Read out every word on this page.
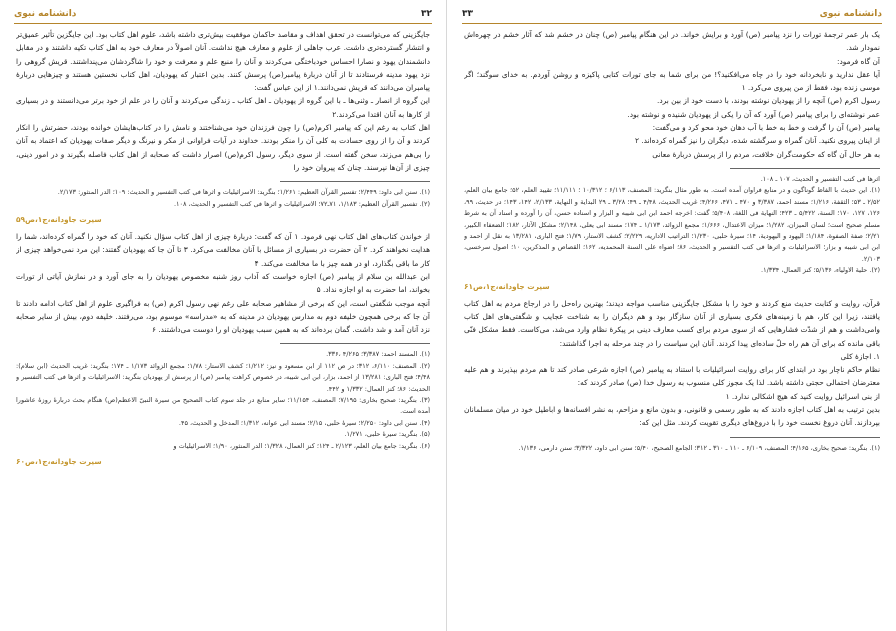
۳۲
دانشنامه نبوی

جایگزینی که می‌توانست در تحقق اهداف و مقاصد حاکمان موفقیت بیش‌تری داشته باشد، علوم اهل کتاب بود. این جایگزین تأثیر عمیق‌تر و انتشار گسترده‌تری داشت. عرب جاهلی از علوم و معارف هیچ نداشت. آنان اصولاً در معارف خود به اهل کتاب تکیه داشتند و در مقابل دانشمندان یهود و نصارا احساس خودباختگی می‌کردند و آنان را منبع علم و معرفت و خود را شاگردشان می‌پنداشتند. قریش گروهی را نزد یهود مدینه فرستادند تا از آنان دربارهٔ پیامبر(ص) پرسش کنند. بدین اعتبار که یهودیان، اهل کتاب نخستین هستند و چیزهایی دربارهٔ پیامبران می‌دانند که قریش نمی‌دانند.۱ از این عباس گفت:

این گروه از انصار ـ وثنی‌ها ـ با این گروه از یهودیان ـ اهل کتاب ـ زندگی می‌کردند و آنان را در علم از خود برتر می‌دانستند و در بسیاری از کارها به آنان اقتدا می‌کردند.۲

اهل کتاب به رغم این که پیامبر اکرم(ص) را چون فرزندان خود می‌شناختند و نامش را در کتاب‌هایشان خوانده بودند، حضرتش را انکار کردند و آن را از روی حسادت به کلی آن را منکر بودند. خداوند در آیات فراوانی از مکر و نیرنگ و دیگر صفات یهودیان که اعتماد به آنان را بی‌هم می‌زند، سخن گفته است. از سوی دیگر، رسول اکرم(ص) اصرار داشت که صحابه از اهل کتاب فاصله بگیرند و در امور دینی، چیزی از آن‌ها نپرسند. چنان که پیروان خود را

(۱). سنن ابی داود: ۲/۴۴۹؛ تفسیر القرآن العظیم: ۱/۲۶۱؛ بنگرید: الاسرائیلیات و اثرها فی کتب التفسیر و الحدیث: ۱۰۹؛ الدر المنثور: ۲/۱۷۳.

(۲). تفسیر القرآن العظیم: ۱/۱۸۳، ۷۱ـ۷۲؛ الاسرائیلیات و اثرها فی کتب التفسیر و الحدیث، ۱۰۸.

سیرت جاودانه،ج۱،ص۵۹

از خواندن کتاب‌های اهل کتاب نهی فرمود. ۱ آن که گفت: دربارهٔ چیزی از اهل کتاب سؤال نکنید. آنان که خود را گمراه کرده‌اند، شما را هدایت نخواهند کرد. ۲ آن حضرت در بسیاری از مسائل با آنان مخالفت می‌کرد. ۳ تا آن جا که یهودیان گفتند: این مرد نمی‌خواهد چیزی از کار ما باقی بگذارد، او در همه چیز با ما مخالفت می‌کند. ۴

ابن عبدالله بن سلام از پیامبر (ص) اجازه خواست که آداب روز شنبه مخصوص یهودیان را به جای آورد و در نمازش آیاتی از تورات بخواند، اما حضرت به او اجازه نداد. ۵

آنچه موجب شگفتی است، این که برخی از مشاهیر صحابه علی رغم نهی رسول اکرم (ص) به فراگیری علوم از اهل کتاب ادامه دادند تا آن جا که برخی همچون خلیفه دوم به مدارس یهودیان در مدینه که به «مدراسه» موسوم بود، می‌رفتند. خلیفه دوم، بیش از سایر صحابه نزد آنان آمد و شد داشت. گمان برده‌اند که به همین سبب یهودیان او را دوست می‌داشتند. ۶

(۱). المسند احمد: ۳/۳۸۷؛ ۴/۲۶۵ ،۳۳۶.

(۲). المصنف: ۶/۱۱۰، ۳۱۲؛ در ص ۱۱۲ از ابن مسعود و نیز: ۱/۲۱۲؛ کشف الاستار: ۱/۷۸؛ مجمع الزوائد ۱/۱۷۳ ـ ۱۷۴؛ بنگرید: غریب الحدیث (ابن سلام): ۴/۴۸؛ فتح الباری: ۱۳/۲۸۱ از احمد، بزار، ابن ابی شیبه، در خصوص کراهت پیامبر (ص) از پرسش از یهودیان بنگرید: الاسرائیلیات و اثرها فی کتب التفسیر و الحدیث: ۸۶؛ کنز العمال: ۱/۳۳۲ و ۴۴۲.

(۳). بنگرید: صحیح بخاری: ۷/۱۹۵؛ المصنف، ۱۱/۱۵۴؛ سایر منابع در جلد سوم کتاب الصحیح من سیرة النبیّ الاعظم(ص) هنگام بحث دربارهٔ روزهٔ عاشورا آمده است.

(۴). سنن ابی داود: ۲/۲۵۰؛ سیرهٔ حلبی، ۲/۱۵؛ مسند ابی عوانه، ۱/۳۱۲؛ المدخل و الحدیث، ۴۵.

(۵). بنگرید: سیرهٔ حلبی، ۱/۲۷۱.

(۶). بنگرید: جامع بیان العلم، ۲/۱۲۳ ـ ۱۲۴؛ کنز العمال، ۱/۳۲۸؛ الدر المنثور، ۱/۹۰؛ الاسرائیلیات و

سیرت جاودانه،ج۱،ص۶۰
۳۳	دانشنامه نبوی

یک بار عمر ترجمهٔ تورات را نزد پیامبر (ص) آورد و برایش خواند. در این هنگام پیامبر (ص) چنان در خشم شد که آثار خشم در چهره‌اش نمودار شد.

آن گاه فرمود:

آیا عقل ندارید و نابخردانه خود را در چاه می‌افکنید؟! من برای شما به جای تورات کتابی پاکیزه و روشن آوردم. به خدای سوگند؛ اگر موسی زنده بود، فقط از من پیروی می‌کرد. ۱

رسول اکرم (ص) آنچه را از یهودیان نوشته بودند، با دست خود از بین برد.

عمر نوشته‌ای را برای پیامبر (ص) آورد که آن را یکی از یهودیان شنیده و نوشته بود.

پیامبر (ص) آن را گرفت و خط به خط با آب دهان خود محو کرد و می‌گفت:

از اینان پیروی نکنید. آنان گمراه و سرگشته شده، دیگران را نیز گمراه کرده‌اند. ۲

به هر حال آن گاه که حکومت‌گران خلافت، مردم را از پرسش دربارهٔ معانی

اثرها فی کتب التفسیر و الحدیث، ۱۰۷ ـ ۱۰۸.

(۱). این حدیث با الفاظ گوناگون و در منابع فراوان آمده است. به طور مثال بنگرید: المصنف، ۶/۱۱۳ ؛ ۱۰/۳۱۲ ؛ ۱۱/۱۱۱؛ تقیید العلم، ۵۲؛ جامع بیان العلم، ۲/۵۲ ـ ۵۳؛ الثقفة، ۱/۲۱۶؛ مسند احمد، ۳/۳۸۷ و ۴۷۰ ـ ۴۷۱، ۴/۲۶۶؛ غریب الحدیث، ۴/۴۸ ـ ۴۹؛ ۳/۲۸ ـ ۲۹ البدایة و النهایة، ۲/۱۳۳، ۱۴۲، ۱۴۳؛ در حدیث، ۹۹، ۱۲۶، ۱۲۷، ۱۷۰؛ السنة، ۵/۴۲۲ ـ ۴۲۳؛ النهایة فی اللغة، ۵/۴۰۸؛ گفت: اخرجه احمد ابن ابی شیبه و البزار و اسناده حسن، آن را آورده و اسناد آن به شرط مسلم صحیح است؛ لسان المیزان، ۱/۲۸۲؛ میزان الاعتدال، ۱/۶۶۶؛ مجمع الزوائد، ۱/۱۷۳ ـ ۱۷۴؛ مسند ابی یعلی، ۲/۱۴۸؛ مشکل الآثار، ۱۸۲؛ الضعفاء الکبیر، ۲/۲۱؛ صفة الصفوة، ۱/۱۸۴؛ الیهود و الیهودیة، ۱۴؛ سیرهٔ حلبی، ۱/۲۳۰؛ التراتیب الاداریه، ۲/۲۲۹؛ کشف الاستار، ۱/۷۹؛ فتح الباری، ۱۳/۲۸۱ به نقل از احمد و ابن ابی شیبه و بزار؛ الاسرائیلیات و اثرها فی کتب التفسیر و الحدیث، ۸۶؛ اضواء علی السنة المحمدیه، ۱۶۲؛ القصاص و المذکرین، ۱۰؛ اصول سرخسی، ۲/۱۰۳.

(۲). حلیة الاولیاء، ۵/۱۳۶؛ کنز العمال، ۱/۳۳۴.

سیرت جاودانه،ج۱،ص۶۱

قرآن، روایت و کتابت حدیث منع کردند و خود را با مشکل جایگزینی مناسب مواجه دیدند؛ بهترین راه‌حل را در ارجاع مردم به اهل کتاب یافتند، زیرا این کار، هم با زمینه‌های فکری بسیاری از آنان سازگار بود و هم دیگران را به شناخت عجایب و شگفتی‌های اهل کتاب وامی‌داشت و هم از شدّت فشارهایی که از سوی مردم برای کسب معارف دینی بر پیکرهٔ نظام وارد می‌شد، می‌کاست. فقط مشکل فنّی باقی مانده که برای آن هم راه حلّ ساده‌ای پیدا کردند. آنان این سیاست را در چند مرحله به اجرا گذاشتند:

۱. اجازهٔ کلی

نظام حاکم ناچار بود در ابتدای کار برای روایت اسرائیلیات با استناد به پیامبر (ص) اجازه شرعی صادر کند تا هم مردم بپذیرند و هم علیه معترضان احتمالی حجتی داشته باشد. لذا یک مجوز کلی منسوب به رسول خدا (ص) صادر کردند که:

از بنی اسرائیل روایت کنید که هیچ اشکالی ندارد. ۱

بدین ترتیب به اهل کتاب اجازه دادند که به طور رسمی و قانونی، و بدون مانع و مزاحم، به نشر افسانه‌ها و اباطیل خود در میان مسلمانان بپردازند. آنان دروغ نخست خود را با دروغ‌های دیگری تقویت کردند. مثل این که:

(۱). بنگرید: صحیح بخاری، ۴/۱۶۵؛ المصنف، ۶/۱۰۹ ـ ۱۱۰ ـ ۳۱۰ ـ ۳۱۲؛ الجامع الصحیح، ۵/۴۰؛ سنن ابی داود، ۳/۳۲۲؛ سنن دارمی، ۱/۱۳۶.
